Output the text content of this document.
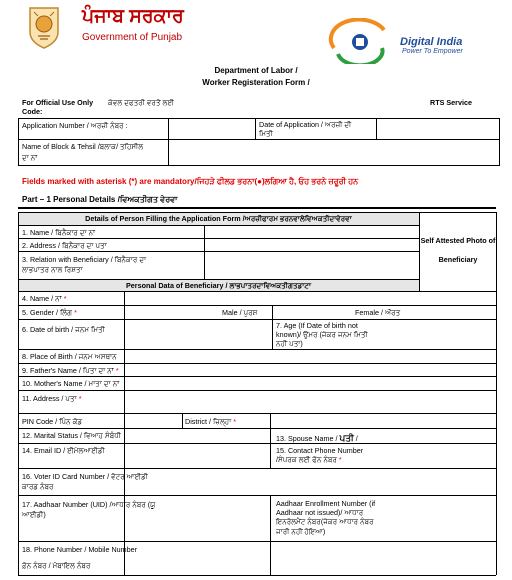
ਪੰਜਾਬ ਸਰਕਾਰ
Government of Punjab	Digital India
Power To Empower
Department of Labor /
Worker Registeration Form /
For Official Use Only ਕੇਵਲ ਦਫਤਰੀ ਵਰਤੋਂ ਲਈ
Code:
RTS Service
Application Number / ਅਰਜ਼ੀ ਨੰਬਰ :	Date of Application / ਅਰਜ਼ੀ ਦੀ
ਮਿਤੀ
Name of Block & Tehsil /ਬਲਾਕ/ ਤਹਿਸੀਲ
ਦਾ ਨਾਂ
Fields marked with asterisk (*) are mandatory/ਜਿਹੜੇ ਫੀਲਡ ਭਰਨਾ(●)ਲਗਿਆ ਹੈ, ਓਹ ਭਰਨੇ ਜ਼ਰੂਰੀ ਹਨ
Part – 1 Personal Details /ਵਿਅਕਤੀਗਤ ਵੇਰਵਾ
Details of Person Filling the Application Form /ਅਰਜ਼ੀਫਾਰਮ ਭਰਨਵਾਲੇਵਿਅਕਤੀਦਾਵੇਰਵਾ
1. Name / ਬਿਨੈਕਾਰ ਦਾ ਨਾਂ
2. Address / ਬਿਨੈਕਾਰ ਦਾ ਪਤਾ
3. Relation with Beneficiary / ਬਿਨੈਕਾਰ ਦਾ
ਲਾਭਪਾਤਰ ਨਾਲ ਰਿਸ਼ਤਾ
Self Attested Photo of
Beneficiary
Personal Data of Beneficiary / ਲਾਭਪਾਤਰਦਾਵਿਅਕਤੀਗਤਡਾਟਾ
4. Name / ਨਾਂ *
5. Gender / ਲਿੰਗ *	Male / ਪੁਰਸ਼	Female / ਔਰਤ
6. Date of birth / ਜਨਮ ਮਿਤੀ	7. Age (If Date of birth not
known)/ ਉਮਰ (ਜੇਕਰ ਜਨਮ ਮਿਤੀ
ਨਹੀਂ ਪਤਾ)
8. Place of Birth / ਜਨਮ ਅਸਥਾਨ
9. Father's Name / ਪਿਤਾ ਦਾ ਨਾਂ *
10. Mother's Name / ਮਾਤਾ ਦਾ ਨਾਂ
11. Address / ਪਤਾ *
PIN Code / ਪਿੰਨ ਕੋਡ	District / ਜ਼ਿਲ੍ਹਾ *
12. Marital Status / ਵਿਆਹ ਸੰਬੰਧੀ	13. Spouse Name / ਪਤੀ /
14. Email ID / ਈਮੇਲਆਈਡੀ	15. Contact Phone Number
/ਸੰਪਰਕ ਲਈ ਫੋਨ ਨੰਬਰ *
16. Voter ID Card Number / ਵੋਟਰ ਆਈਡੀ
ਕਾਰਡ ਨੰਬਰ
17. Aadhaar Number (UID) /ਆਧਾਰ ਨੰਬਰ (ਯੂ
ਆਈਡੀ)
Aadhaar Enrollment Number (if
Aadhaar not issued)/ ਆਧਾਰ
ਇਨਰੋਲਮੈਂਟ ਨੰਬਰ(ਜੇਕਰ ਆਧਾਰ ਨੰਬਰ
ਜਾਰੀ ਨਹੀਂ ਹੋਇਆ)
18. Phone Number / Mobile Number
ਫ਼ੋਨ ਨੰਬਰ / ਮੋਬਾਇਲ ਨੰਬਰ
